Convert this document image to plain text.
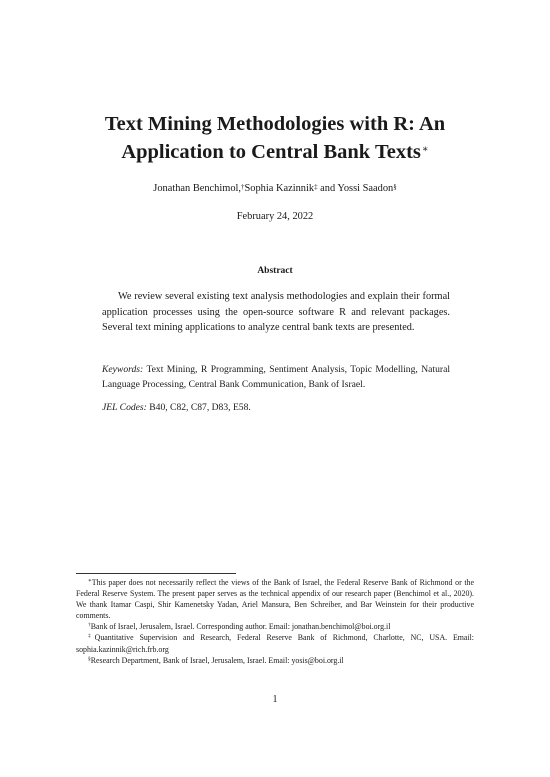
Text Mining Methodologies with R: An
Application to Central Bank Texts∗
Jonathan Benchimol,†Sophia Kazinnik‡ and Yossi Saadon§
February 24, 2022
Abstract

We review several existing text analysis methodologies and explain their formal application processes using the open-source software R and relevant packages. Several text mining applications to analyze central bank texts are presented.

Keywords: Text Mining, R Programming, Sentiment Analysis, Topic Modelling, Natural Language Processing, Central Bank Communication, Bank of Israel.

JEL Codes: B40, C82, C87, D83, E58.

∗This paper does not necessarily reflect the views of the Bank of Israel, the Federal Reserve Bank of Richmond or the Federal Reserve System. The present paper serves as the technical appendix of our research paper (Benchimol et al., 2020). We thank Itamar Caspi, Shir Kamenetsky Yadan, Ariel Mansura, Ben Schreiber, and Bar Weinstein for their productive comments.

†Bank of Israel, Jerusalem, Israel. Corresponding author. Email: jonathan.benchimol@boi.org.il

‡Quantitative Supervision and Research, Federal Reserve Bank of Richmond, Charlotte, NC, USA. Email: sophia.kazinnik@rich.frb.org

§Research Department, Bank of Israel, Jerusalem, Israel. Email: yosis@boi.org.il

1
